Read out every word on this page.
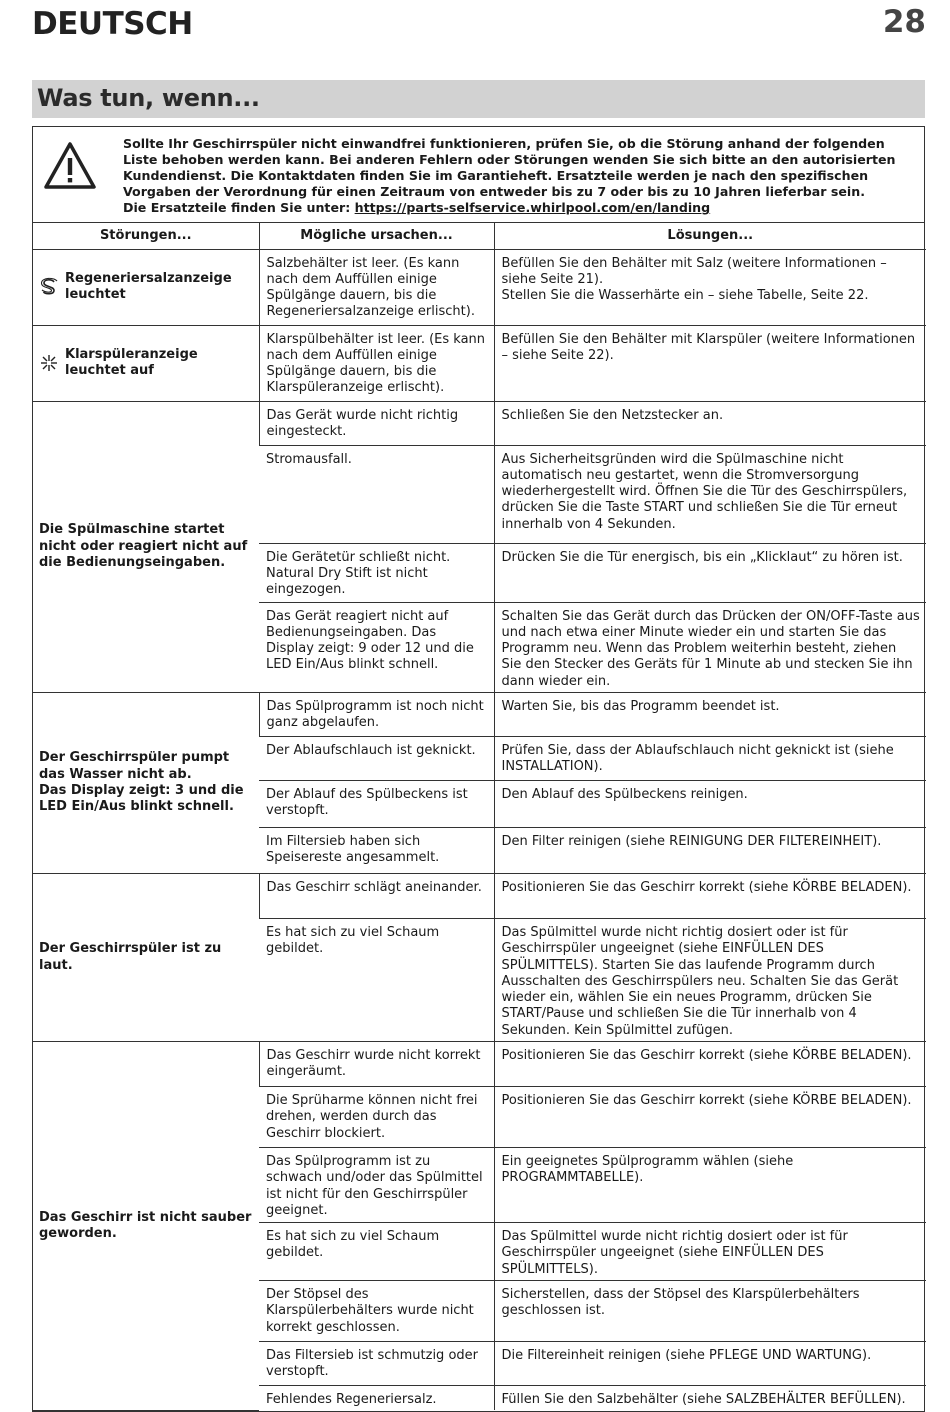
DEUTSCH	28
Was tun, wenn...

Sollte Ihr Geschirrspüler nicht einwandfrei funktionieren, prüfen Sie, ob die Störung anhand der folgenden Liste behoben werden kann. Bei anderen Fehlern oder Störungen wenden Sie sich bitte an den autorisierten Kundendienst. Die Kontaktdaten finden Sie im Garantieheft. Ersatzteile werden je nach den spezifischen Vorgaben der Verordnung für einen Zeitraum von entweder bis zu 7 oder bis zu 10 Jahren lieferbar sein.
Die Ersatzteile finden Sie unter: https://parts-selfservice.whirlpool.com/en/landing

Störungen...	Mögliche ursachen...	Lösungen...

Regeneriersalzanzeige leuchtet	Salzbehälter ist leer. (Es kann nach dem Auffüllen einige Spülgänge dauern, bis die Regeneriersalzanzeige erlischt).	Befüllen Sie den Behälter mit Salz (weitere Informationen – siehe Seite 21).
Stellen Sie die Wasserhärte ein – siehe Tabelle, Seite 22.

Klarspüleranzeige leuchtet auf	Klarspülbehälter ist leer. (Es kann nach dem Auffüllen einige Spülgänge dauern, bis die Klarspüleranzeige erlischt).	Befüllen Sie den Behälter mit Klarspüler (weitere Informationen – siehe Seite 22).

Die Spülmaschine startet nicht oder reagiert nicht auf die Bedienungseingaben.	Das Gerät wurde nicht richtig eingesteckt.	Schließen Sie den Netzstecker an.
	Stromausfall.	Aus Sicherheitsgründen wird die Spülmaschine nicht automatisch neu gestartet, wenn die Stromversorgung wiederhergestellt wird. Öffnen Sie die Tür des Geschirrspülers, drücken Sie die Taste START und schließen Sie die Tür erneut innerhalb von 4 Sekunden.
	Die Gerätetür schließt nicht. Natural Dry Stift ist nicht eingezogen.	Drücken Sie die Tür energisch, bis ein „Klicklaut“ zu hören ist.
	Das Gerät reagiert nicht auf Bedienungseingaben. Das Display zeigt: 9 oder 12 und die LED Ein/Aus blinkt schnell.	Schalten Sie das Gerät durch das Drücken der ON/OFF-Taste aus und nach etwa einer Minute wieder ein und starten Sie das Programm neu. Wenn das Problem weiterhin besteht, ziehen Sie den Stecker des Geräts für 1 Minute ab und stecken Sie ihn dann wieder ein.

Der Geschirrspüler pumpt das Wasser nicht ab.
Das Display zeigt: 3 und die LED Ein/Aus blinkt schnell.	Das Spülprogramm ist noch nicht ganz abgelaufen.	Warten Sie, bis das Programm beendet ist.
	Der Ablaufschlauch ist geknickt.	Prüfen Sie, dass der Ablaufschlauch nicht geknickt ist (siehe INSTALLATION).
	Der Ablauf des Spülbeckens ist verstopft.	Den Ablauf des Spülbeckens reinigen.
	Im Filtersieb haben sich Speisereste angesammelt.	Den Filter reinigen (siehe REINIGUNG DER FILTEREINHEIT).

Der Geschirrspüler ist zu laut.	Das Geschirr schlägt aneinander.	Positionieren Sie das Geschirr korrekt (siehe KÖRBE BELADEN).
	Es hat sich zu viel Schaum gebildet.	Das Spülmittel wurde nicht richtig dosiert oder ist für Geschirrspüler ungeeignet (siehe EINFÜLLEN DES SPÜLMITTELS). Starten Sie das laufende Programm durch Ausschalten des Geschirrspülers neu. Schalten Sie das Gerät wieder ein, wählen Sie ein neues Programm, drücken Sie START/Pause und schließen Sie die Tür innerhalb von 4 Sekunden. Kein Spülmittel zufügen.

Das Geschirr ist nicht sauber geworden.	Das Geschirr wurde nicht korrekt eingeräumt.	Positionieren Sie das Geschirr korrekt (siehe KÖRBE BELADEN).
	Die Sprüharme können nicht frei drehen, werden durch das Geschirr blockiert.	Positionieren Sie das Geschirr korrekt (siehe KÖRBE BELADEN).
	Das Spülprogramm ist zu schwach und/oder das Spülmittel ist nicht für den Geschirrspüler geeignet.	Ein geeignetes Spülprogramm wählen (siehe PROGRAMMTABELLE).
	Es hat sich zu viel Schaum gebildet.	Das Spülmittel wurde nicht richtig dosiert oder ist für Geschirrspüler ungeeignet (siehe EINFÜLLEN DES SPÜLMITTELS).
	Der Stöpsel des Klarspülerbehälters wurde nicht korrekt geschlossen.	Sicherstellen, dass der Stöpsel des Klarspülerbehälters geschlossen ist.
	Das Filtersieb ist schmutzig oder verstopft.	Die Filtereinheit reinigen (siehe PFLEGE UND WARTUNG).
	Fehlendes Regeneriersalz.	Füllen Sie den Salzbehälter (siehe SALZBEHÄLTER BEFÜLLEN).
